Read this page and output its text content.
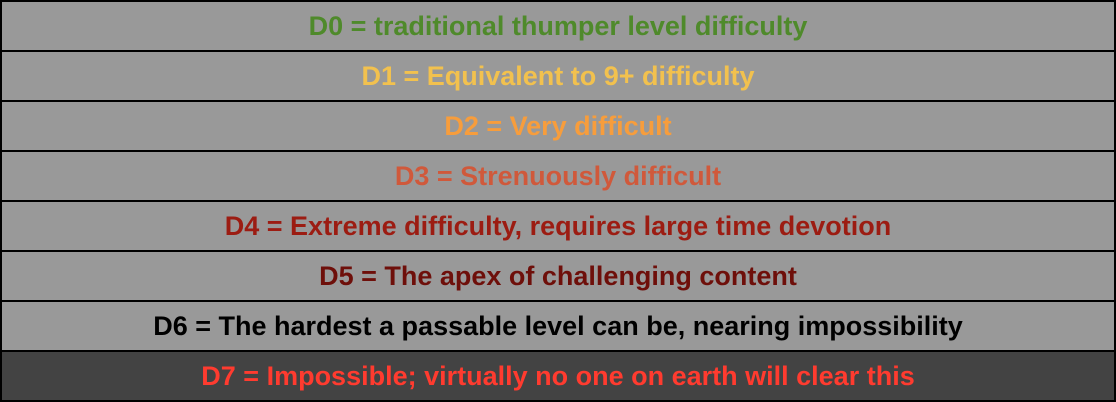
D0 = traditional thumper level difficulty
D1 = Equivalent to 9+ difficulty
D2 = Very difficult
D3 = Strenuously difficult
D4 = Extreme difficulty, requires large time devotion
D5 = The apex of challenging content
D6 = The hardest a passable level can be, nearing impossibility
D7 = Impossible; virtually no one on earth will clear this
